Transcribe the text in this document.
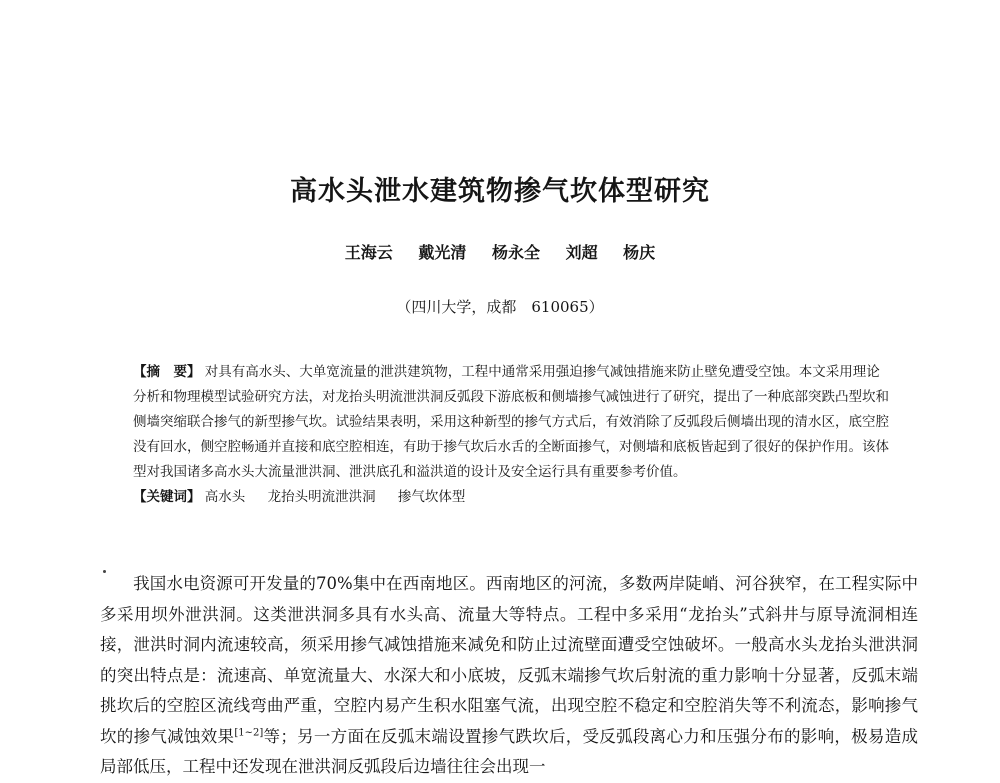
高水头泄水建筑物掺气坎体型研究
王海云 戴光清 杨永全 刘超 杨庆
（四川大学，成都　610065）
【摘　要】 对具有高水头、大单宽流量的泄洪建筑物，工程中通常采用强迫掺气减蚀措施来防止壁免遭受空蚀。本文采用理论分析和物理模型试验研究方法，对龙抬头明流泄洪洞反弧段下游底板和侧墙掺气减蚀进行了研究，提出了一种底部突跌凸型坎和侧墙突缩联合掺气的新型掺气坎。试验结果表明，采用这种新型的掺气方式后，有效消除了反弧段后侧墙出现的清水区，底空腔没有回水，侧空腔畅通并直接和底空腔相连，有助于掺气坎后水舌的全断面掺气，对侧墙和底板皆起到了很好的保护作用。该体型对我国诸多高水头大流量泄洪洞、泄洪底孔和溢洪道的设计及安全运行具有重要参考价值。
【关键词】 高水头 龙抬头明流泄洪洞 掺气坎体型
我国水电资源可开发量的70%集中在西南地区。西南地区的河流，多数两岸陡峭、河谷狭窄，在工程实际中多采用坝外泄洪洞。这类泄洪洞多具有水头高、流量大等特点。工程中多采用“龙抬头”式斜井与原导流洞相连接，泄洪时洞内流速较高，须采用掺气减蚀措施来减免和防止过流壁面遭受空蚀破坏。一般高水头龙抬头泄洪洞的突出特点是：流速高、单宽流量大、水深大和小底坡，反弧末端掺气坎后射流的重力影响十分显著，反弧末端挑坎后的空腔区流线弯曲严重，空腔内易产生积水阻塞气流，出现空腔不稳定和空腔消失等不利流态，影响掺气坎的掺气减蚀效果[1~2]等；另一方面在反弧末端设置掺气跌坎后，受反弧段离心力和压强分布的影响，极易造成局部低压，工程中还发现在泄洪洞反弧段后边墙往往会出现一
